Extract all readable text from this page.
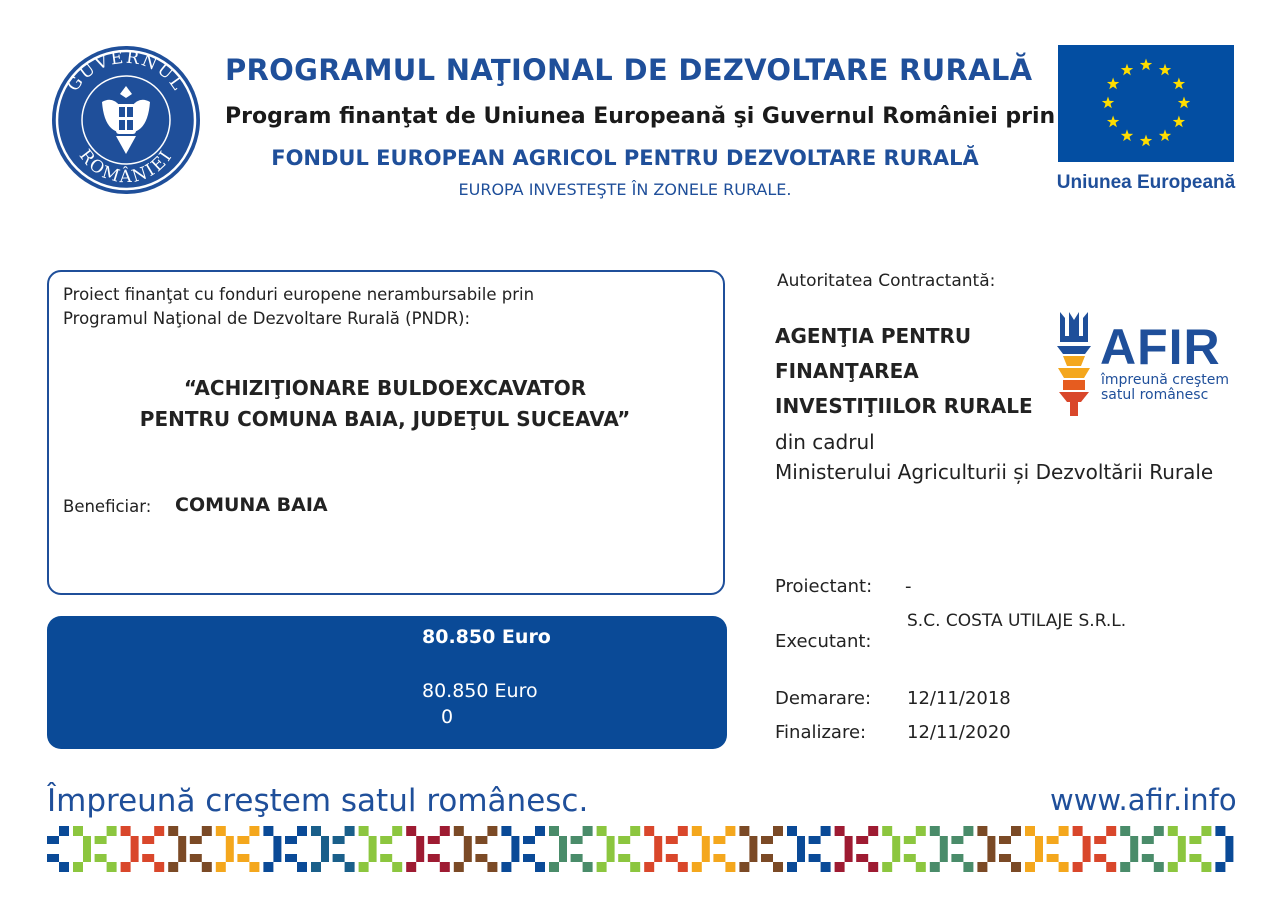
GUVERNUL
ROMÂNIEI
PROGRAMUL NAŢIONAL DE DEZVOLTARE RURALĂ
Program finanţat de Uniunea Europeană şi Guvernul României prin
FONDUL EUROPEAN AGRICOL PENTRU DEZVOLTARE RURALĂ
EUROPA INVESTEŞTE ÎN ZONELE RURALE.	Uniunea Europeană
Proiect finanţat cu fonduri europene nerambursabile prin
Programul Naţional de Dezvoltare Rurală (PNDR):
“ACHIZIŢIONARE BULDOEXCAVATOR
PENTRU COMUNA BAIA, JUDEŢUL SUCEAVA”
Beneficiar: COMUNA BAIA
80.850 Euro
80.850 Euro
0
Autoritatea Contractantă:
AGENŢIA PENTRU
FINANŢAREA
INVESTIŢIILOR RURALE
din cadrul
Ministerului Agriculturii și Dezvoltării Rurale
AFIR
împreună creştem
satul românesc
Proiectant: -
S.C. COSTA UTILAJE S.R.L.
Executant:
Demarare: 12/11/2018
Finalizare: 12/11/2020
Împreună creştem satul românesc.	www.afir.info
